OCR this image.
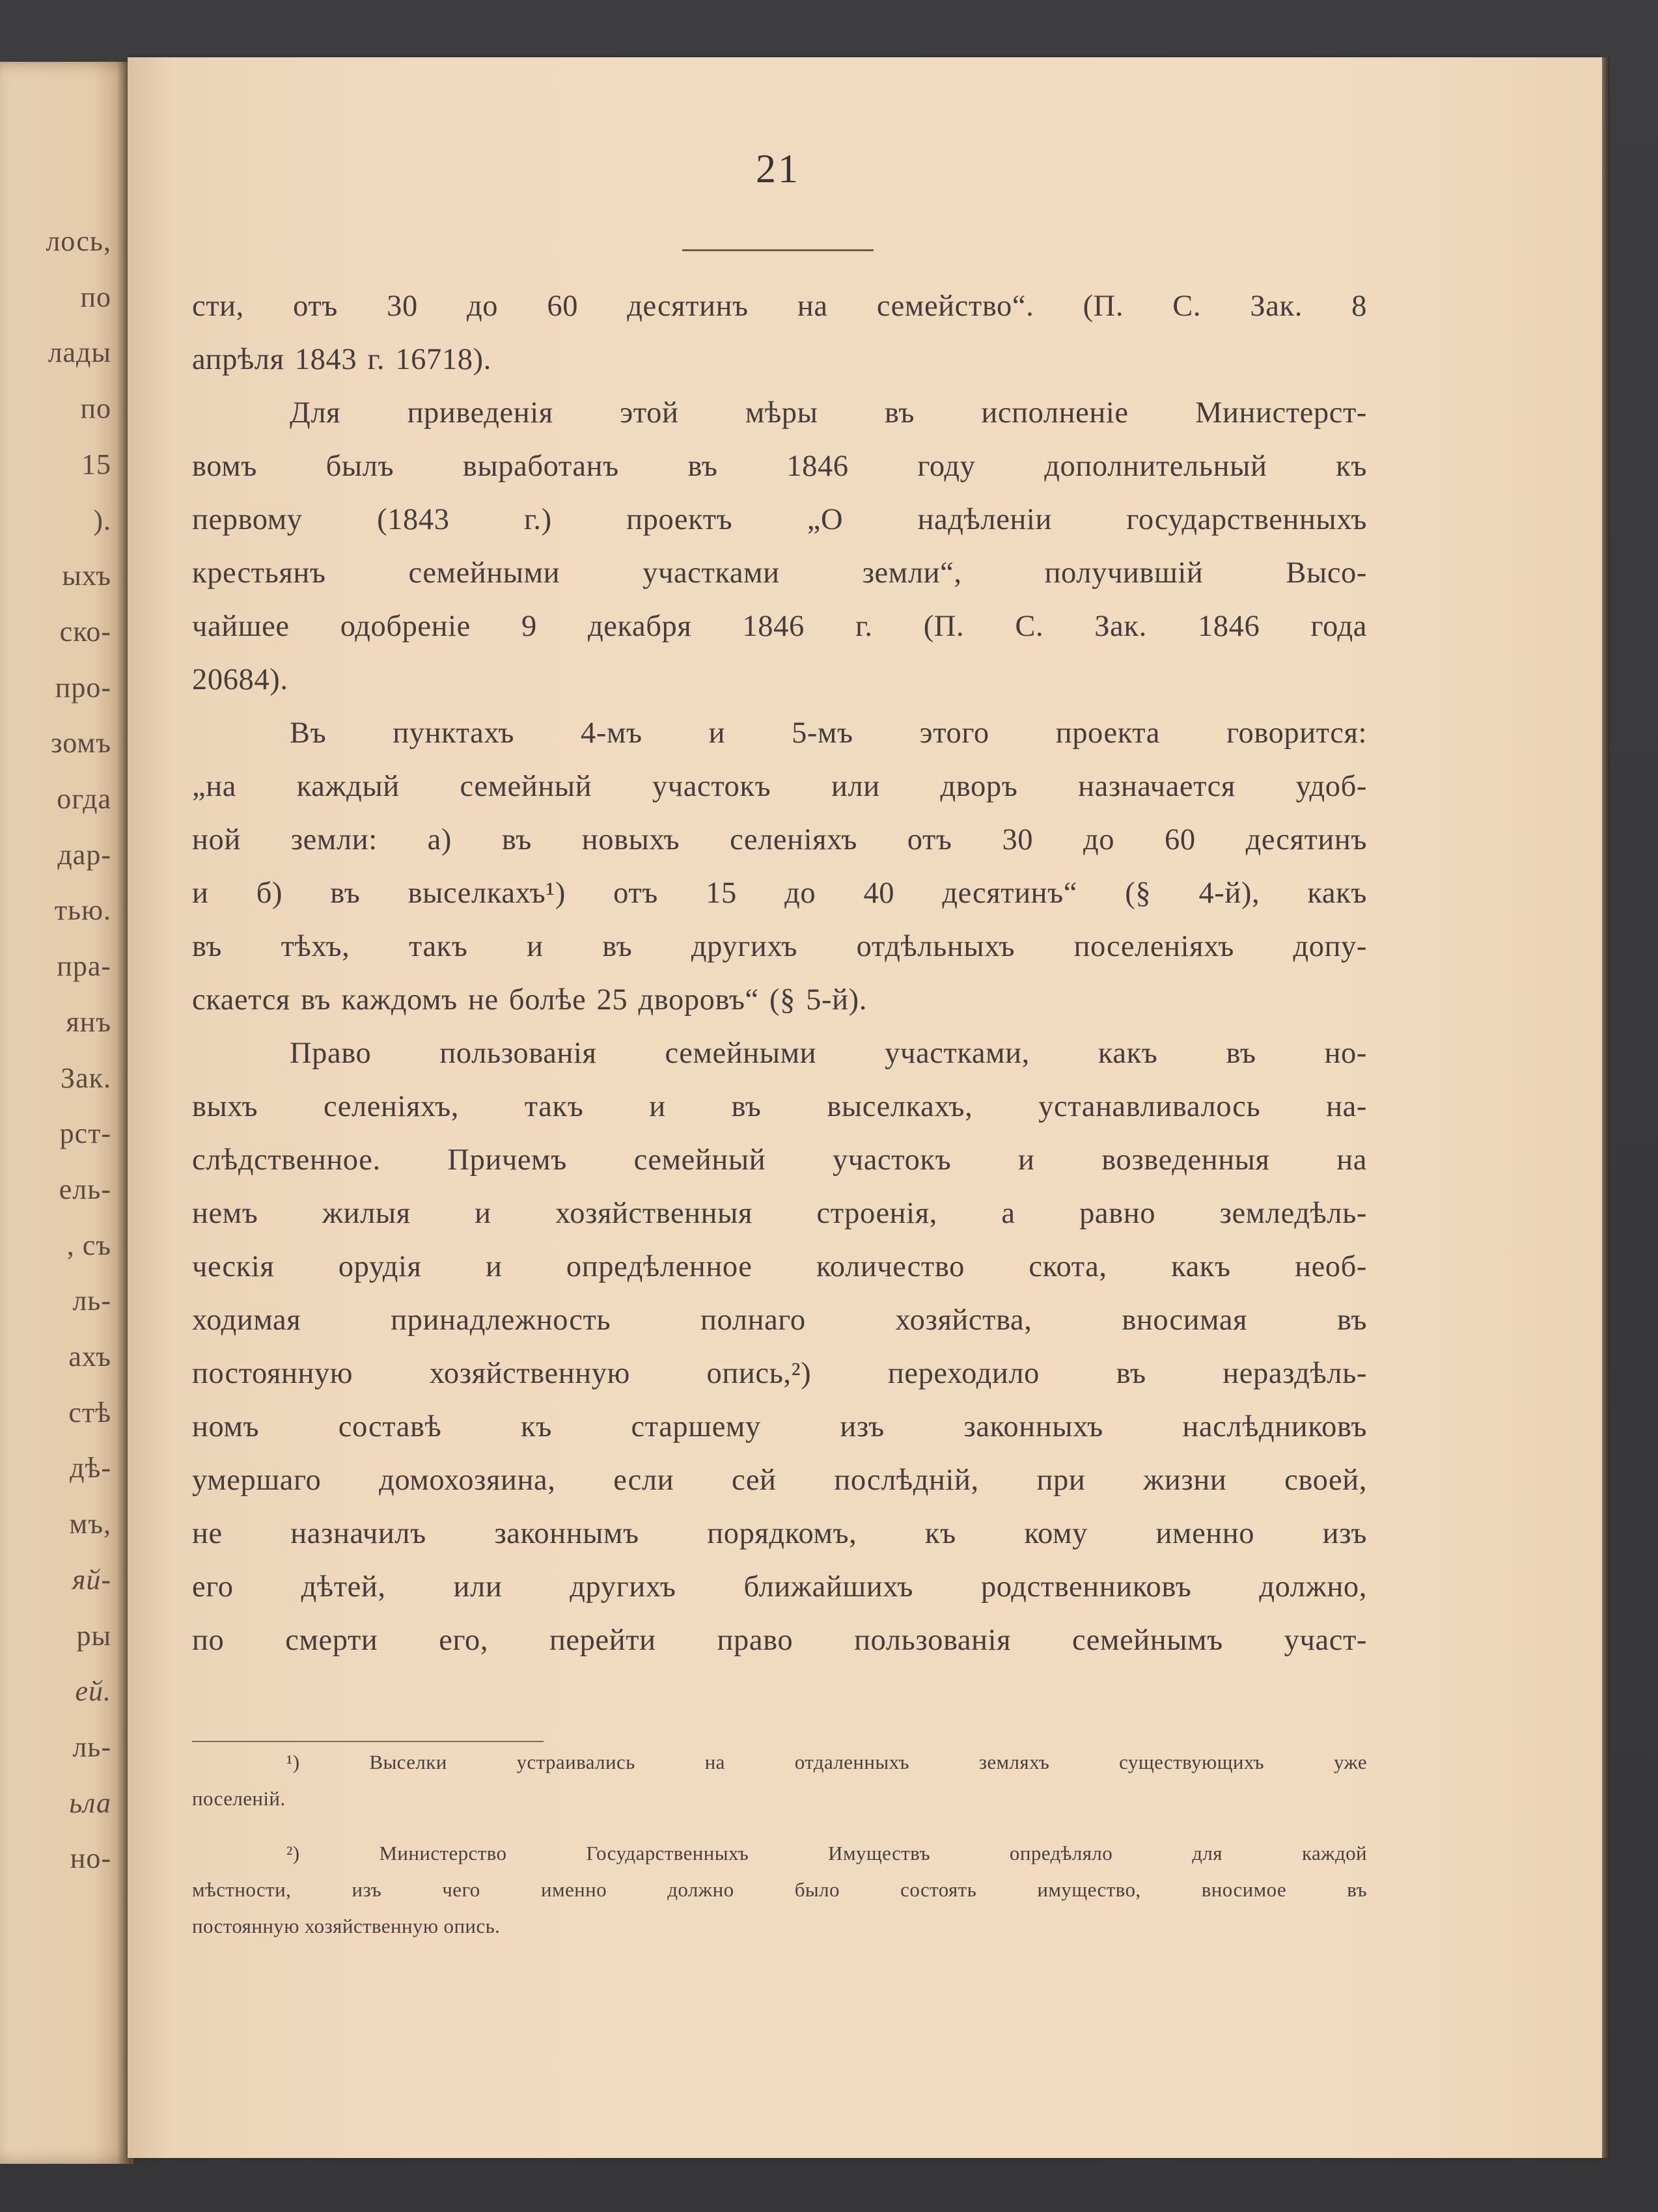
лось,
по
лады
по
15
).
ыхъ
ско-
про-
зомъ
огда
дар-
тью.
пра-
янъ
Зак.
рст-
ель-
, съ
ль-
ахъ
стѣ
дѣ-
мъ,
яй-
ры
ей.
ль-
ьла
но-
21
сти, отъ 30 до 60 десятинъ на семейство“. (П. С. Зак. 8
апрѣля 1843 г. 16718).
Для приведенія этой мѣры въ исполненіе Министерст-
вомъ былъ выработанъ въ 1846 году дополнительный къ
первому (1843 г.) проектъ „О надѣленіи государственныхъ
крестьянъ семейными участками земли“, получившій Высо-
чайшее одобреніе 9 декабря 1846 г. (П. С. Зак. 1846 года
20684).
Въ пунктахъ 4-мъ и 5-мъ этого проекта говорится:
„на каждый семейный участокъ или дворъ назначается удоб-
ной земли: а) въ новыхъ селеніяхъ отъ 30 до 60 десятинъ
и б) въ выселкахъ¹) отъ 15 до 40 десятинъ“ (§ 4-й), какъ
въ тѣхъ, такъ и въ другихъ отдѣльныхъ поселеніяхъ допу-
скается въ каждомъ не болѣе 25 дворовъ“ (§ 5-й).
Право пользованія семейными участками, какъ въ но-
выхъ селеніяхъ, такъ и въ выселкахъ, устанавливалось на-
слѣдственное. Причемъ семейный участокъ и возведенныя на
немъ жилыя и хозяйственныя строенія, а равно земледѣль-
ческія орудія и опредѣленное количество скота, какъ необ-
ходимая принадлежность полнаго хозяйства, вносимая въ
постоянную хозяйственную опись,²) переходило въ нераздѣль-
номъ составѣ къ старшему изъ законныхъ наслѣдниковъ
умершаго домохозяина, если сей послѣдній, при жизни своей,
не назначилъ законнымъ порядкомъ, къ кому именно изъ
его дѣтей, или другихъ ближайшихъ родственниковъ должно,
по смерти его, перейти право пользованія семейнымъ участ-
¹) Выселки устраивались на отдаленныхъ земляхъ существующихъ уже
поселеній.
²) Министерство Государственныхъ Имуществъ опредѣляло для каждой
мѣстности, изъ чего именно должно было состоять имущество, вносимое въ
постоянную хозяйственную опись.
